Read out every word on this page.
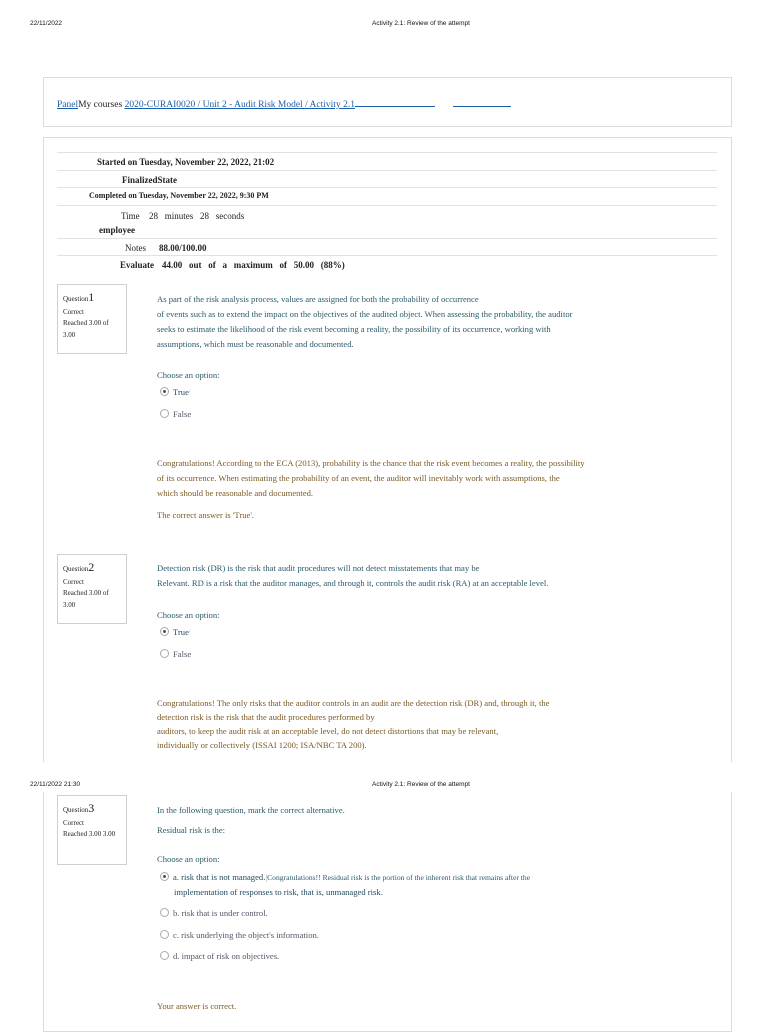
22/11/2022	Activity 2.1: Review of the attempt
PanelMy courses 2020-CURAI0020 / Unit 2 - Audit Risk Model / Activity 2.1
Started on Tuesday, November 22, 2022, 21:02
FinalizedState
Completed on Tuesday, November 22, 2022, 9:30 PM
Time 28   minutes   28   seconds
employee
Notes 88.00/100.00
Evaluate 44.00   out   of   a   maximum   of   50.00   (88%)
Question1
Correct
Reached 3.00 of 3.00
As part of the risk analysis process, values are assigned for both the probability of occurrence
of events such as to extend the impact on the objectives of the audited object. When assessing the probability, the auditor
seeks to estimate the likelihood of the risk event becoming a reality, the possibility of its occurrence, working with
assumptions, which must be reasonable and documented.
Choose an option:
Trueˈ
False
Congratulations! According to the ECA (2013), probability is the chance that the risk event becomes a reality, the possibility
of its occurrence. When estimating the probability of an event, the auditor will inevitably work with assumptions, the
which should be reasonable and documented.
The correct answer is 'True'.
Question2
Correct
Reached 3.00 of 3.00
Detection risk (DR) is the risk that audit procedures will not detect misstatements that may be
Relevant. RD is a risk that the auditor manages, and through it, controls the audit risk (RA) at an acceptable level.
Choose an option:
Trueˈ
False
Congratulations! The only risks that the auditor controls in an audit are the detection risk (DR) and, through it, the
detection risk is the risk that the audit procedures performed by
auditors, to keep the audit risk at an acceptable level, do not detect distortions that may be relevant,
individually or collectively (ISSAI 1200; ISA/NBC TA 200).
22/11/2022 21:30	Activity 2.1: Review of the attempt
Question3
Correct
Reached 3.00 3.00
In the following question, mark the correct alternative.
Residual risk is the:
Choose an option:
a. risk that is not managed.|Congratulations!! Residual risk is the portion of the inherent risk that remains after the
implementation of responses to risk, that is, unmanaged risk.
b. risk that is under control.
c. risk underlying the object's information.
d. impact of risk on objectives.
Your answer is correct.
